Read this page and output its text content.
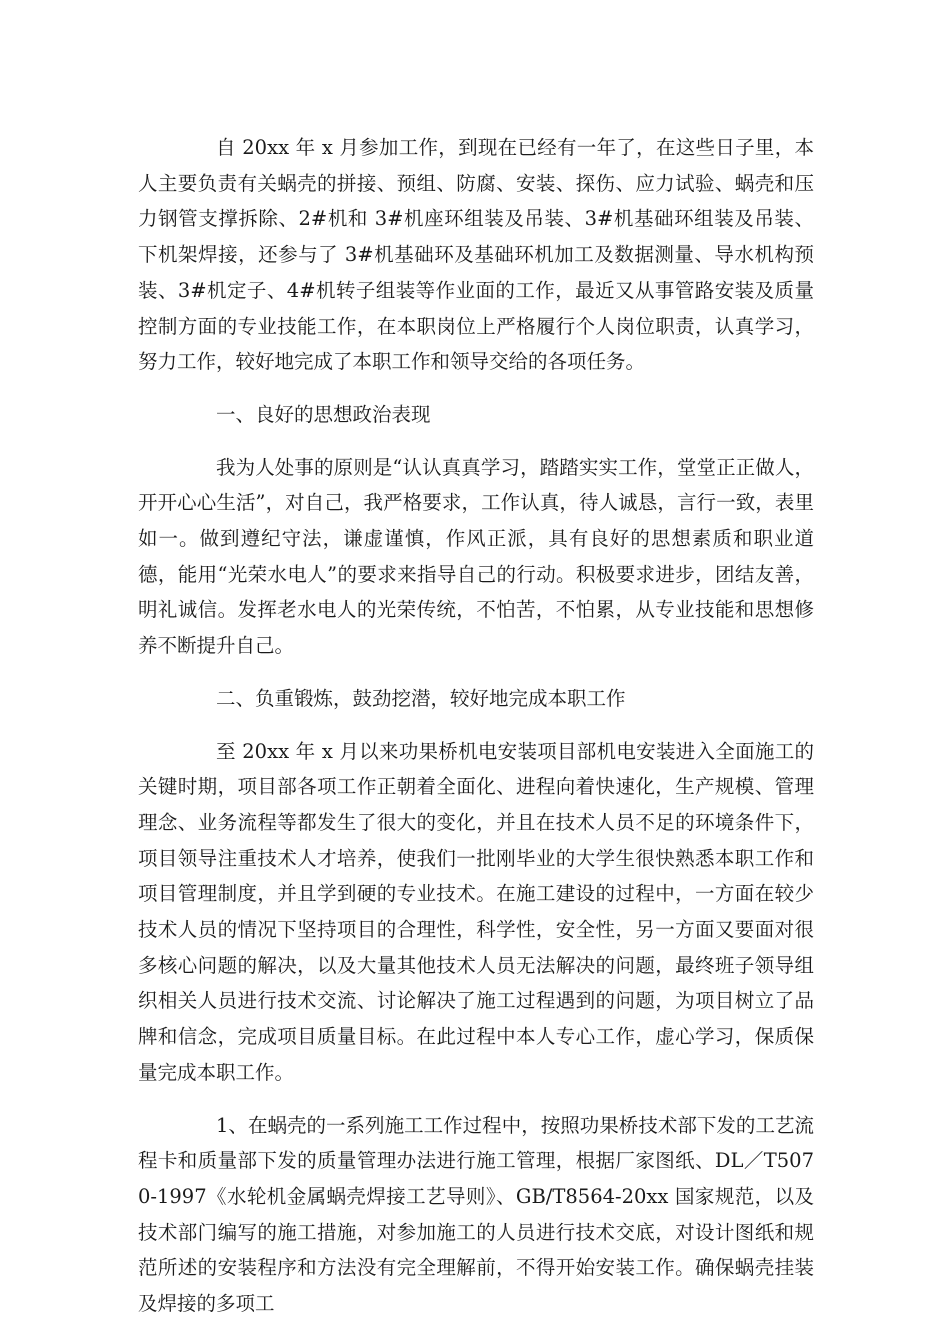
自 20xx 年 x 月参加工作，到现在已经有一年了，在这些日子里，本人主要负责有关蜗壳的拼接、预组、防腐、安装、探伤、应力试验、蜗壳和压力钢管支撑拆除、2#机和 3#机座环组装及吊装、3#机基础环组装及吊装、下机架焊接，还参与了 3#机基础环及基础环机加工及数据测量、导水机构预装、3#机定子、4#机转子组装等作业面的工作，最近又从事管路安装及质量控制方面的专业技能工作，在本职岗位上严格履行个人岗位职责，认真学习，努力工作，较好地完成了本职工作和领导交给的各项任务。

一、良好的思想政治表现

我为人处事的原则是“认认真真学习，踏踏实实工作，堂堂正正做人，开开心心生活”，对自己，我严格要求，工作认真，待人诚恳，言行一致，表里如一。做到遵纪守法，谦虚谨慎，作风正派，具有良好的思想素质和职业道德，能用“光荣水电人”的要求来指导自己的行动。积极要求进步，团结友善，明礼诚信。发挥老水电人的光荣传统，不怕苦，不怕累，从专业技能和思想修养不断提升自己。

二、负重锻炼，鼓劲挖潜，较好地完成本职工作

至 20xx 年 x 月以来功果桥机电安装项目部机电安装进入全面施工的关键时期，项目部各项工作正朝着全面化、进程向着快速化，生产规模、管理理念、业务流程等都发生了很大的变化，并且在技术人员不足的环境条件下，项目领导注重技术人才培养，使我们一批刚毕业的大学生很快熟悉本职工作和项目管理制度，并且学到硬的专业技术。在施工建设的过程中，一方面在较少技术人员的情况下坚持项目的合理性，科学性，安全性，另一方面又要面对很多核心问题的解决，以及大量其他技术人员无法解决的问题，最终班子领导组织相关人员进行技术交流、讨论解决了施工过程遇到的问题，为项目树立了品牌和信念，完成项目质量目标。在此过程中本人专心工作，虚心学习，保质保量完成本职工作。

1、在蜗壳的一系列施工工作过程中，按照功果桥技术部下发的工艺流程卡和质量部下发的质量管理办法进行施工管理，根据厂家图纸、DL／T5070-1997《水轮机金属蜗壳焊接工艺导则》、GB/T8564-20xx 国家规范，以及技术部门编写的施工措施，对参加施工的人员进行技术交底，对设计图纸和规范所述的安装程序和方法没有完全理解前，不得开始安装工作。确保蜗壳挂装及焊接的多项工
